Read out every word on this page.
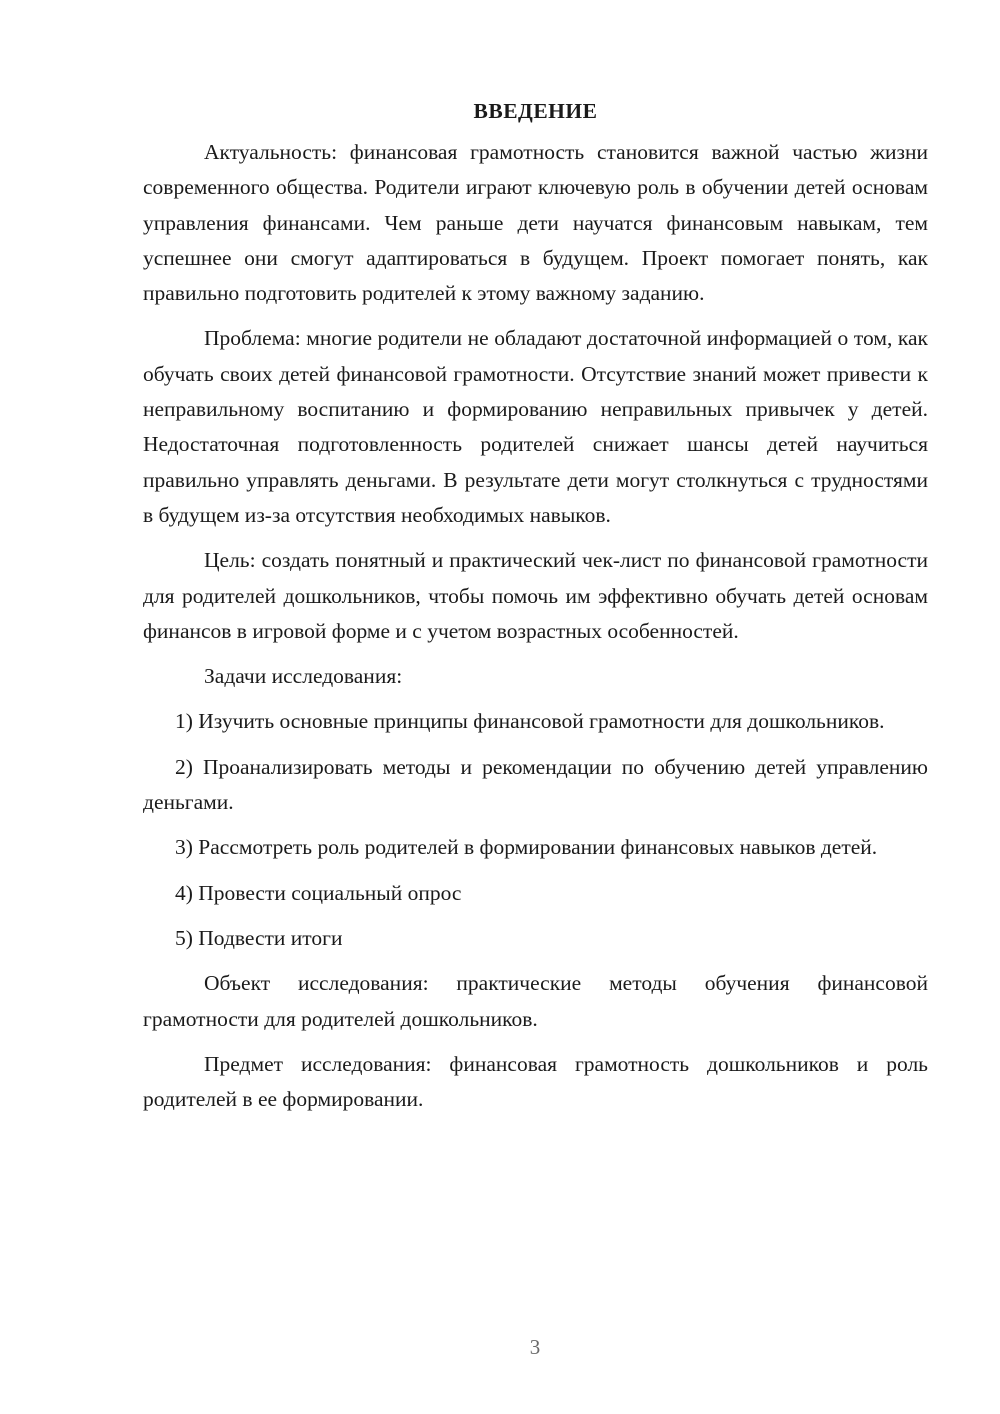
ВВЕДЕНИЕ

Актуальность: финансовая грамотность становится важной частью жизни современного общества. Родители играют ключевую роль в обучении детей основам управления финансами. Чем раньше дети научатся финансовым навыкам, тем успешнее они смогут адаптироваться в будущем. Проект помогает понять, как правильно подготовить родителей к этому важному заданию.

Проблема: многие родители не обладают достаточной информацией о том, как обучать своих детей финансовой грамотности. Отсутствие знаний может привести к неправильному воспитанию и формированию неправильных привычек у детей. Недостаточная подготовленность родителей снижает шансы детей научиться правильно управлять деньгами. В результате дети могут столкнуться с трудностями в будущем из-за отсутствия необходимых навыков.

Цель: создать понятный и практический чек-лист по финансовой грамотности для родителей дошкольников, чтобы помочь им эффективно обучать детей основам финансов в игровой форме и с учетом возрастных особенностей.

Задачи исследования:

1) Изучить основные принципы финансовой грамотности для дошкольников.

2) Проанализировать методы и рекомендации по обучению детей управлению деньгами.

3) Рассмотреть роль родителей в формировании финансовых навыков детей.

4) Провести социальный опрос

5) Подвести итоги

Объект исследования: практические методы обучения финансовой грамотности для родителей дошкольников.

Предмет исследования: финансовая грамотность дошкольников и роль родителей в ее формировании.

3
